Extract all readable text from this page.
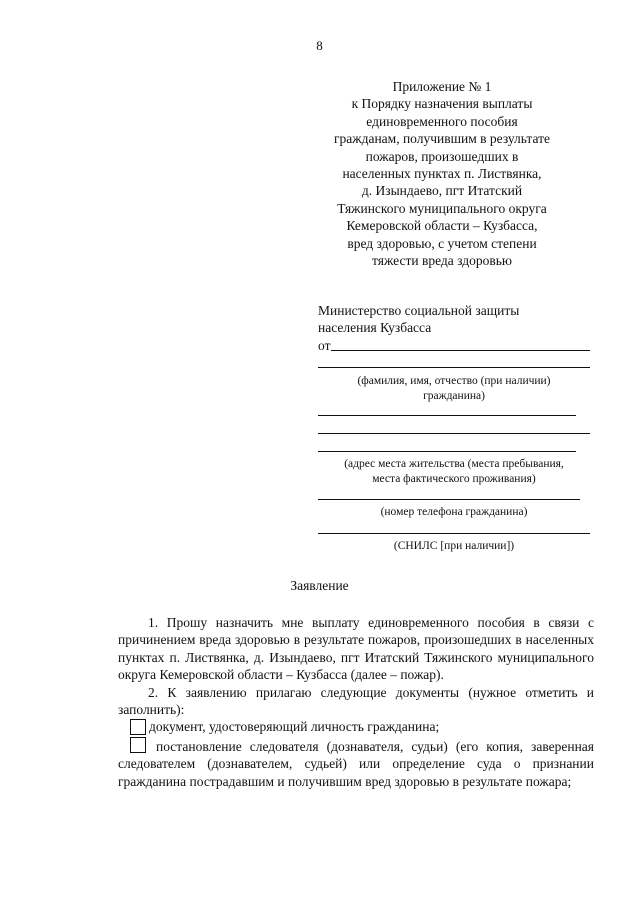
8
Приложение № 1
к Порядку назначения выплаты
единовременного пособия
гражданам, получившим в результате
пожаров, произошедших в
населенных пунктах п. Листвянка,
д. Изындаево, пгт Итатский
Тяжинского муниципального округа
Кемеровской области – Кузбасса,
вред здоровью, с учетом степени
тяжести вреда здоровью
Министерство социальной защиты
населения Кузбасса
от
(фамилия, имя, отчество (при наличии)
гражданина)
(адрес места жительства (места пребывания,
места фактического проживания)
(номер телефона гражданина)
(СНИЛС [при наличии])
Заявление

1. Прошу назначить мне выплату единовременного пособия в связи с причинением вреда здоровью в результате пожаров, произошедших в населенных пунктах п. Листвянка, д. Изындаево, пгт Итатский Тяжинского муниципального округа Кемеровской области – Кузбасса (далее – пожар).

2. К заявлению прилагаю следующие документы (нужное отметить и заполнить):

документ, удостоверяющий личность гражданина;
постановление следователя (дознавателя, судьи) (его копия, заверенная следователем (дознавателем, судьей) или определение суда о признании гражданина пострадавшим и получившим вред здоровью в результате пожара;
